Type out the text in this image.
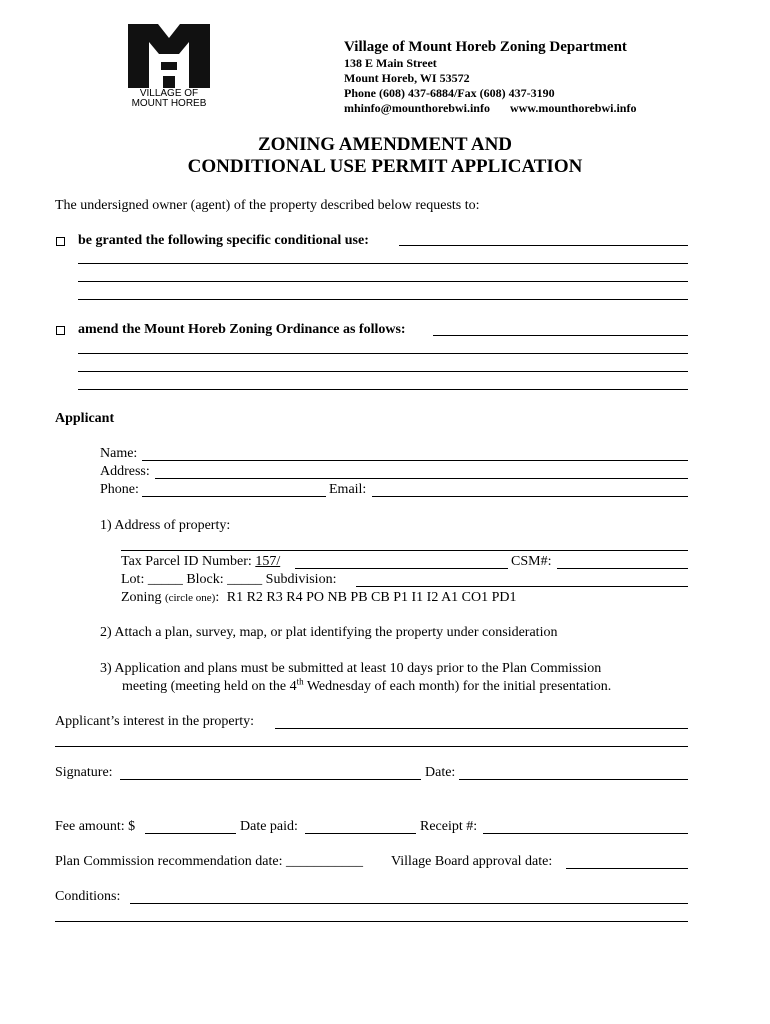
VILLAGE OF
MOUNT HOREB
Village of Mount Horeb Zoning Department
138 E Main Street
Mount Horeb, WI 53572
Phone (608) 437-6884/Fax (608) 437-3190
mhinfo@mounthorebwi.info www.mounthorebwi.info
ZONING AMENDMENT AND
CONDITIONAL USE PERMIT APPLICATION
The undersigned owner (agent) of the property described below requests to:
be granted the following specific conditional use:
amend the Mount Horeb Zoning Ordinance as follows:
Applicant
Name:
Address:
Phone:	Email:
1) Address of property:
Tax Parcel ID Number: 157/	CSM#:
Lot: _____ Block: _____ Subdivision:
Zoning (circle one): R1 R2 R3 R4 PO NB PB CB P1 I1 I2 A1 CO1 PD1
2) Attach a plan, survey, map, or plat identifying the property under consideration
3) Application and plans must be submitted at least 10 days prior to the Plan Commission
meeting (meeting held on the 4th Wednesday of each month) for the initial presentation.
Applicant’s interest in the property:
Signature:	Date:
Fee amount: $	Date paid:	Receipt #:
Plan Commission recommendation date: ___________ Village Board approval date:
Conditions:
